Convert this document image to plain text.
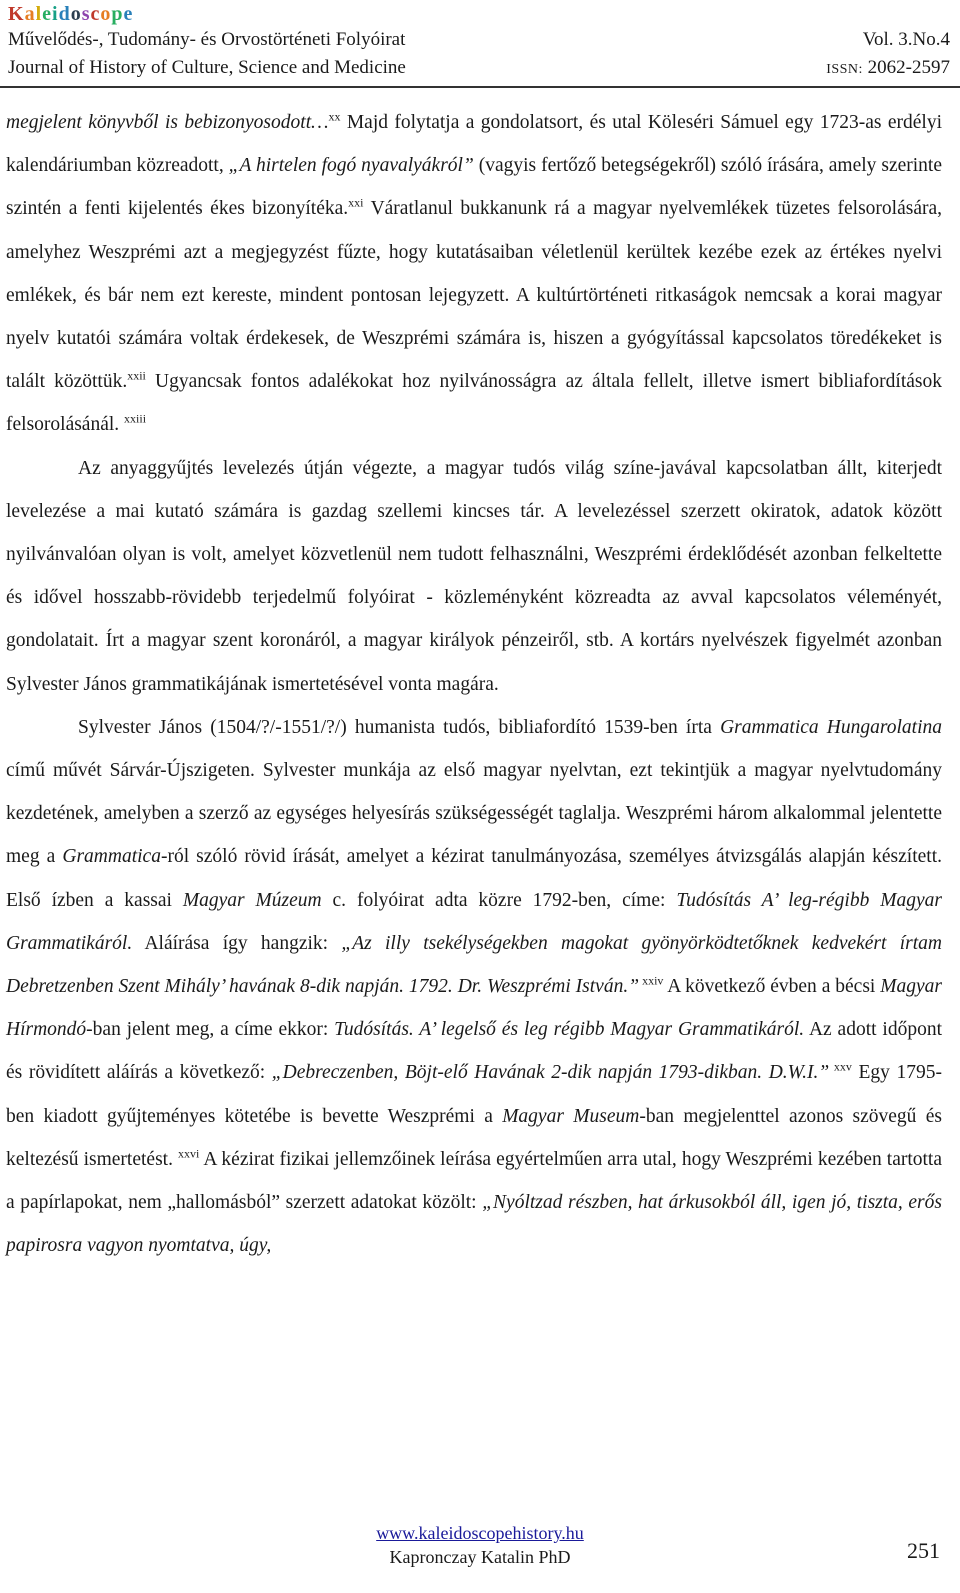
Kaleidoscope
Művelődés-, Tudomány- és Orvostörténeti Folyóirat	Vol. 3.No.4
Journal of History of Culture, Science and Medicine	ISSN: 2062-2597

megjelent könyvből is bebizonyosodott…$^{xx}$ Majd folytatja a gondolatsort, és utal Köleséri Sámuel egy 1723-as erdélyi kalendáriumban közreadott, „A hirtelen fogó nyavalyákról” (vagyis fertőző betegségekről) szóló írására, amely szerinte szintén a fenti kijelentés ékes bizonyítéka.$^{xxi}$ Váratlanul bukkanunk rá a magyar nyelvemlékek tüzetes felsorolására, amelyhez Weszprémi azt a megjegyzést fűzte, hogy kutatásaiban véletlenül kerültek kezébe ezek az értékes nyelvi emlékek, és bár nem ezt kereste, mindent pontosan lejegyzett. A kultúrtörténeti ritkaságok nemcsak a korai magyar nyelv kutatói számára voltak érdekesek, de Weszprémi számára is, hiszen a gyógyítással kapcsolatos töredékeket is talált közöttük.$^{xxii}$ Ugyancsak fontos adalékokat hoz nyilvánosságra az általa fellelt, illetve ismert bibliafordítások felsorolásánál. $^{xxiii}$

Az anyaggyűjtés levelezés útján végezte, a magyar tudós világ színe-javával kapcsolatban állt, kiterjedt levelezése a mai kutató számára is gazdag szellemi kincses tár. A levelezéssel szerzett okiratok, adatok között nyilvánvalóan olyan is volt, amelyet közvetlenül nem tudott felhasználni, Weszprémi érdeklődését azonban felkeltette és idővel hosszabb-rövidebb terjedelmű folyóirat - közleményként közreadta az avval kapcsolatos véleményét, gondolatait. Írt a magyar szent koronáról, a magyar királyok pénzeiről, stb. A kortárs nyelvészek figyelmét azonban Sylvester János grammatikájának ismertetésével vonta magára.

Sylvester János (1504/?/-1551/?/) humanista tudós, bibliafordító 1539-ben írta Grammatica Hungarolatina című művét Sárvár-Újszigeten. Sylvester munkája az első magyar nyelvtan, ezt tekintjük a magyar nyelvtudomány kezdetének, amelyben a szerző az egységes helyesírás szükségességét taglalja. Weszprémi három alkalommal jelentette meg a Grammatica-ról szóló rövid írását, amelyet a kézirat tanulmányozása, személyes átvizsgálás alapján készített. Első ízben a kassai Magyar Múzeum c. folyóirat adta közre 1792-ben, címe: Tudósítás A’ leg-régibb Magyar Grammatikáról. Aláírása így hangzik: „Az illy tsekélységekben magokat gyönyörködtetőknek kedvekért írtam Debretzenben Szent Mihály’ havának 8-dik napján. 1792. Dr. Weszprémi István.” $^{xxiv}$ A következő évben a bécsi Magyar Hírmondó-ban jelent meg, a címe ekkor: Tudósítás. A’ legelső és leg régibb Magyar Grammatikáról. Az adott időpont és rövidített aláírás a következő: „Debreczenben, Böjt-elő Havának 2-dik napján 1793-dikban. D.W.I.” $^{xxv}$ Egy 1795-ben kiadott gyűjteményes kötetébe is bevette Weszprémi a Magyar Museum-ban megjelenttel azonos szövegű és keltezésű ismertetést. $^{xxvi}$ A kézirat fizikai jellemzőinek leírása egyértelműen arra utal, hogy Weszprémi kezében tartotta a papírlapokat, nem „hallomásból” szerzett adatokat közölt: „Nyóltzad részben, hat árkusokból áll, igen jó, tiszta, erős papirosra vagyon nyomtatva, úgy,

www.kaleidoscopehistory.hu
Kapronczay Katalin PhD	251
